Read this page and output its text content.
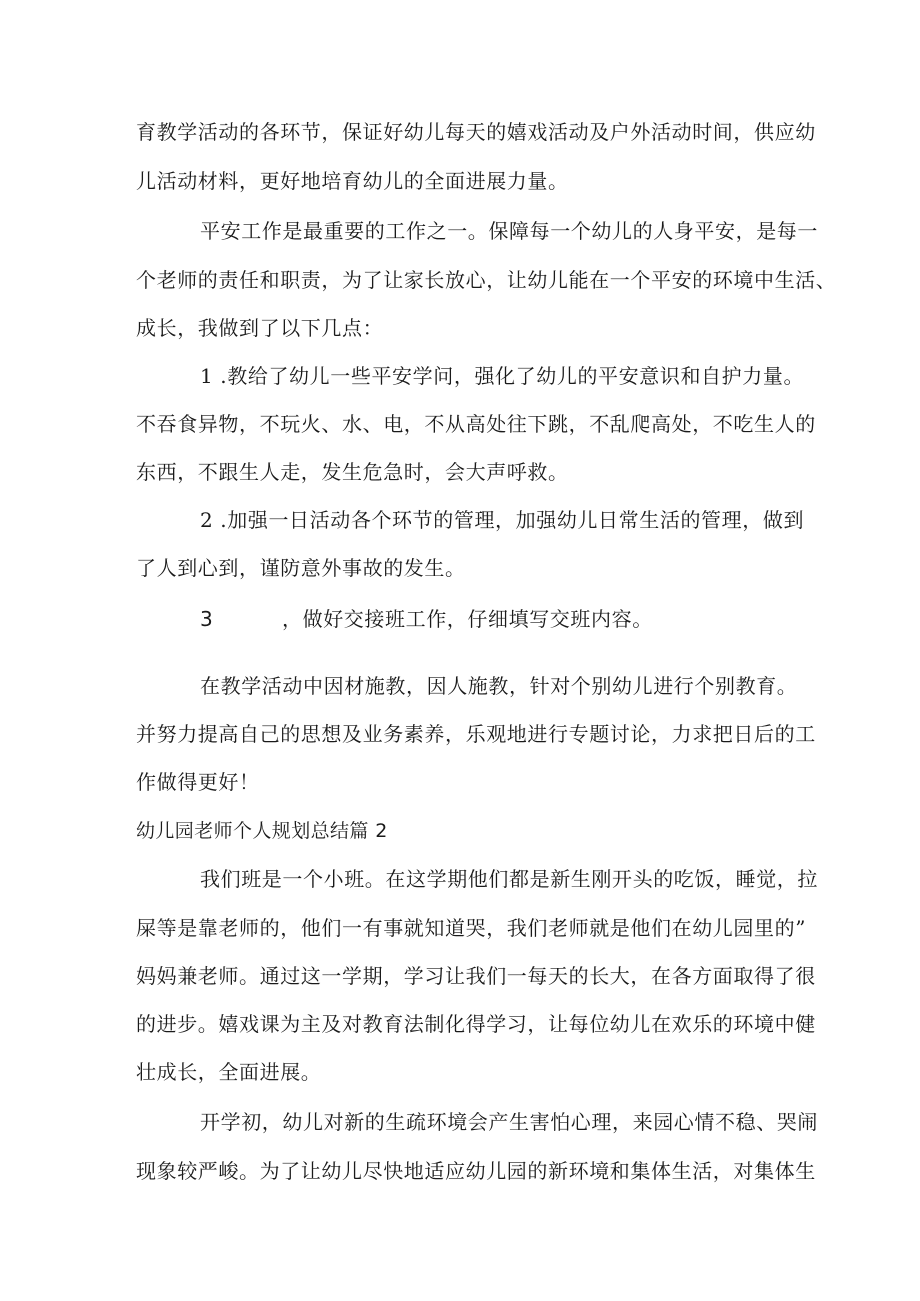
育教学活动的各环节，保证好幼儿每天的嬉戏活动及户外活动时间，供应幼
儿活动材料，更好地培育幼儿的全面进展力量。
平安工作是最重要的工作之一。保障每一个幼儿的人身平安，是每一
个老师的责任和职责，为了让家长放心，让幼儿能在一个平安的环境中生活、
成长，我做到了以下几点：
1 .教给了幼儿一些平安学问，强化了幼儿的平安意识和自护力量。
不吞食异物，不玩火、水、电，不从高处往下跳，不乱爬高处，不吃生人的
东西，不跟生人走，发生危急时，会大声呼救。
2 .加强一日活动各个环节的管理，加强幼儿日常生活的管理，做到
了人到心到，谨防意外事故的发生。
3	，做好交接班工作，仔细填写交班内容。
在教学活动中因材施教，因人施教，针对个别幼儿进行个别教育。
并努力提高自己的思想及业务素养，乐观地进行专题讨论，力求把日后的工
作做得更好！
幼儿园老师个人规划总结篇 2
我们班是一个小班。在这学期他们都是新生刚开头的吃饭，睡觉，拉
屎等是靠老师的，他们一有事就知道哭，我们老师就是他们在幼儿园里的”
妈妈兼老师。通过这一学期，学习让我们一每天的长大，在各方面取得了很
的进步。嬉戏课为主及对教育法制化得学习，让每位幼儿在欢乐的环境中健
壮成长，全面进展。
开学初，幼儿对新的生疏环境会产生害怕心理，来园心情不稳、哭闹
现象较严峻。为了让幼儿尽快地适应幼儿园的新环境和集体生活，对集体生
